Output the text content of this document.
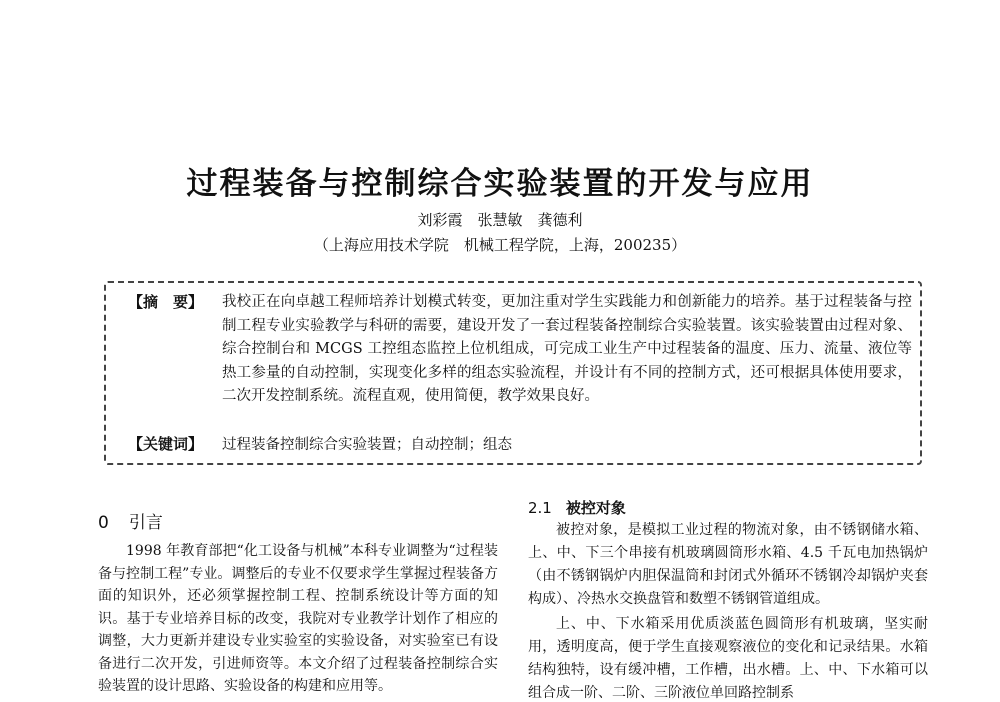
过程装备与控制综合实验装置的开发与应用
刘彩霞　张慧敏　龚德利
（上海应用技术学院　机械工程学院，上海，200235）
【摘　要】	我校正在向卓越工程师培养计划模式转变，更加注重对学生实践能力和创新能力的培养。基于过程装备与控制工程专业实验教学与科研的需要，建设开发了一套过程装备控制综合实验装置。该实验装置由过程对象、综合控制台和 MCGS 工控组态监控上位机组成，可完成工业生产中过程装备的温度、压力、流量、液位等热工参量的自动控制，实现变化多样的组态实验流程，并设计有不同的控制方式，还可根据具体使用要求，二次开发控制系统。流程直观，使用简便，教学效果良好。
【关键词】	过程装备控制综合实验装置；自动控制；组态
0 引言
1998 年教育部把“化工设备与机械”本科专业调整为“过程装备与控制工程”专业。调整后的专业不仅要求学生掌握过程装备方面的知识外，还必须掌握控制工程、控制系统设计等方面的知识。基于专业培养目标的改变，我院对专业教学计划作了相应的调整，大力更新并建设专业实验室的实验设备，对实验室已有设备进行二次开发，引进师资等。本文介绍了过程装备控制综合实验装置的设计思路、实验设备的构建和应用等。
2.1 被控对象

被控对象，是模拟工业过程的物流对象，由不锈钢储水箱、上、中、下三个串接有机玻璃圆筒形水箱、4.5 千瓦电加热锅炉（由不锈钢锅炉内胆保温筒和封闭式外循环不锈钢冷却锅炉夹套构成）、冷热水交换盘管和数塑不锈钢管道组成。

上、中、下水箱采用优质淡蓝色圆筒形有机玻璃，坚实耐用，透明度高，便于学生直接观察液位的变化和记录结果。水箱结构独特，设有缓冲槽，工作槽，出水槽。上、中、下水箱可以组合成一阶、二阶、三阶液位单回路控制系
